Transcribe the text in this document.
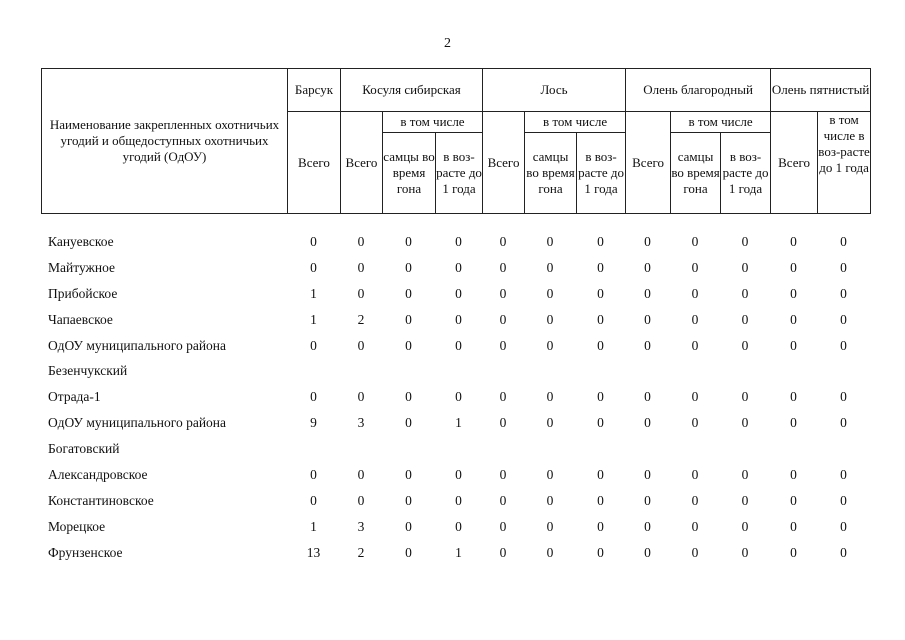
2
Наименование закрепленных охотничьих угодий и общедоступных охотничьих угодий (ОдОУ)	Барсук	Косуля сибирская			Лось			Олень благородный			Олень пятнистый	
	Всего	Всего	в том числе		Всего	в том числе		Всего	в том числе		Всего	в том числе в воз-расте до 1 года
			самцы во время гона	в воз-расте до 1 года		самцы во время гона	в воз-расте до 1 года		самцы во время гона	в воз-расте до 1 года		
Кануевское	0	0	0	0	0	0	0	0	0	0	0	0
Майтужное	0	0	0	0	0	0	0	0	0	0	0	0
Прибойское	1	0	0	0	0	0	0	0	0	0	0	0
Чапаевское	1	2	0	0	0	0	0	0	0	0	0	0
ОдОУ муниципального района	0	0	0	0	0	0	0	0	0	0	0	0
Безенчукский												
Отрада-1	0	0	0	0	0	0	0	0	0	0	0	0
ОдОУ муниципального района	9	3	0	1	0	0	0	0	0	0	0	0
Богатовский												
Александровское	0	0	0	0	0	0	0	0	0	0	0	0
Константиновское	0	0	0	0	0	0	0	0	0	0	0	0
Морецкое	1	3	0	0	0	0	0	0	0	0	0	0
Фрунзенское	13	2	0	1	0	0	0	0	0	0	0	0
